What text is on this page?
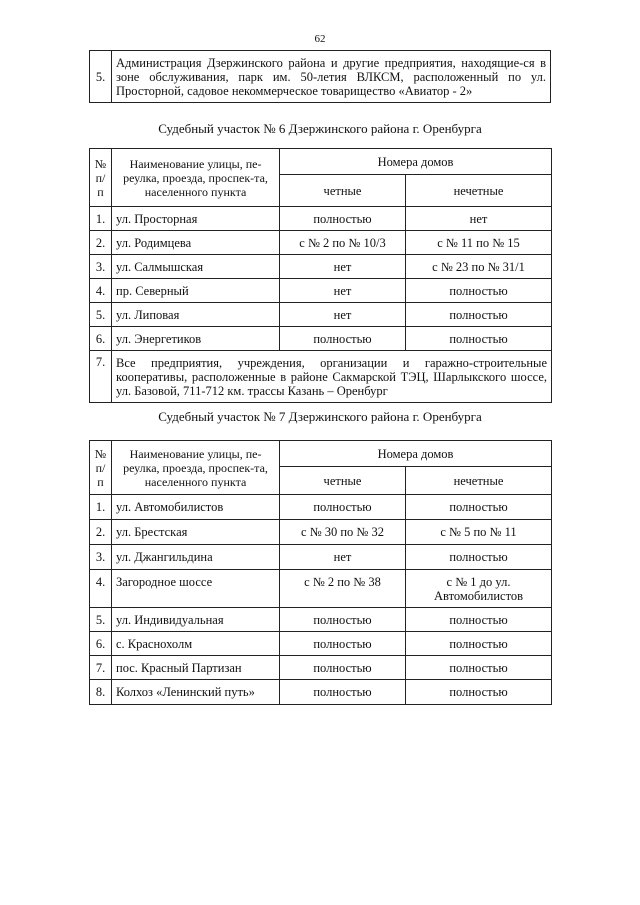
62
5.	Администрация Дзержинского района и другие предприятия, находящие-ся в зоне обслуживания, парк им. 50-летия ВЛКСМ, расположенный по ул. Просторной, садовое некоммерческое товарищество «Авиатор - 2»
Судебный участок № 6 Дзержинского района г. Оренбурга
№ п/п	Наименование улицы, пе-реулка, проезда, проспек-та, населенного пункта	Номера домов	
		четные	нечетные
1.	ул. Просторная	полностью	нет
2.	ул. Родимцева	с № 2 по № 10/3	с № 11 по № 15
3.	ул. Салмышская	нет	с № 23 по № 31/1
4.	пр. Северный	нет	полностью
5.	ул. Липовая	нет	полностью
6.	ул. Энергетиков	полностью	полностью
7.	Все предприятия, учреждения, организации и гаражно-строительные кооперативы, расположенные в районе Сакмарской ТЭЦ, Шарлыкского шоссе, ул. Базовой, 711-712 км. трассы Казань – Оренбург		
Судебный участок № 7 Дзержинского района г. Оренбурга
№ п/п	Наименование улицы, пе-реулка, проезда, проспек-та, населенного пункта	Номера домов	
		четные	нечетные
1.	ул. Автомобилистов	полностью	полностью
2.	ул. Брестская	с № 30 по № 32	с № 5 по № 11
3.	ул. Джангильдина	нет	полностью
4.	Загородное шоссе	с № 2 по № 38	с № 1 до ул. Автомобилистов
5.	ул. Индивидуальная	полностью	полностью
6.	с. Краснохолм	полностью	полностью
7.	пос. Красный Партизан	полностью	полностью
8.	Колхоз «Ленинский путь»	полностью	полностью
